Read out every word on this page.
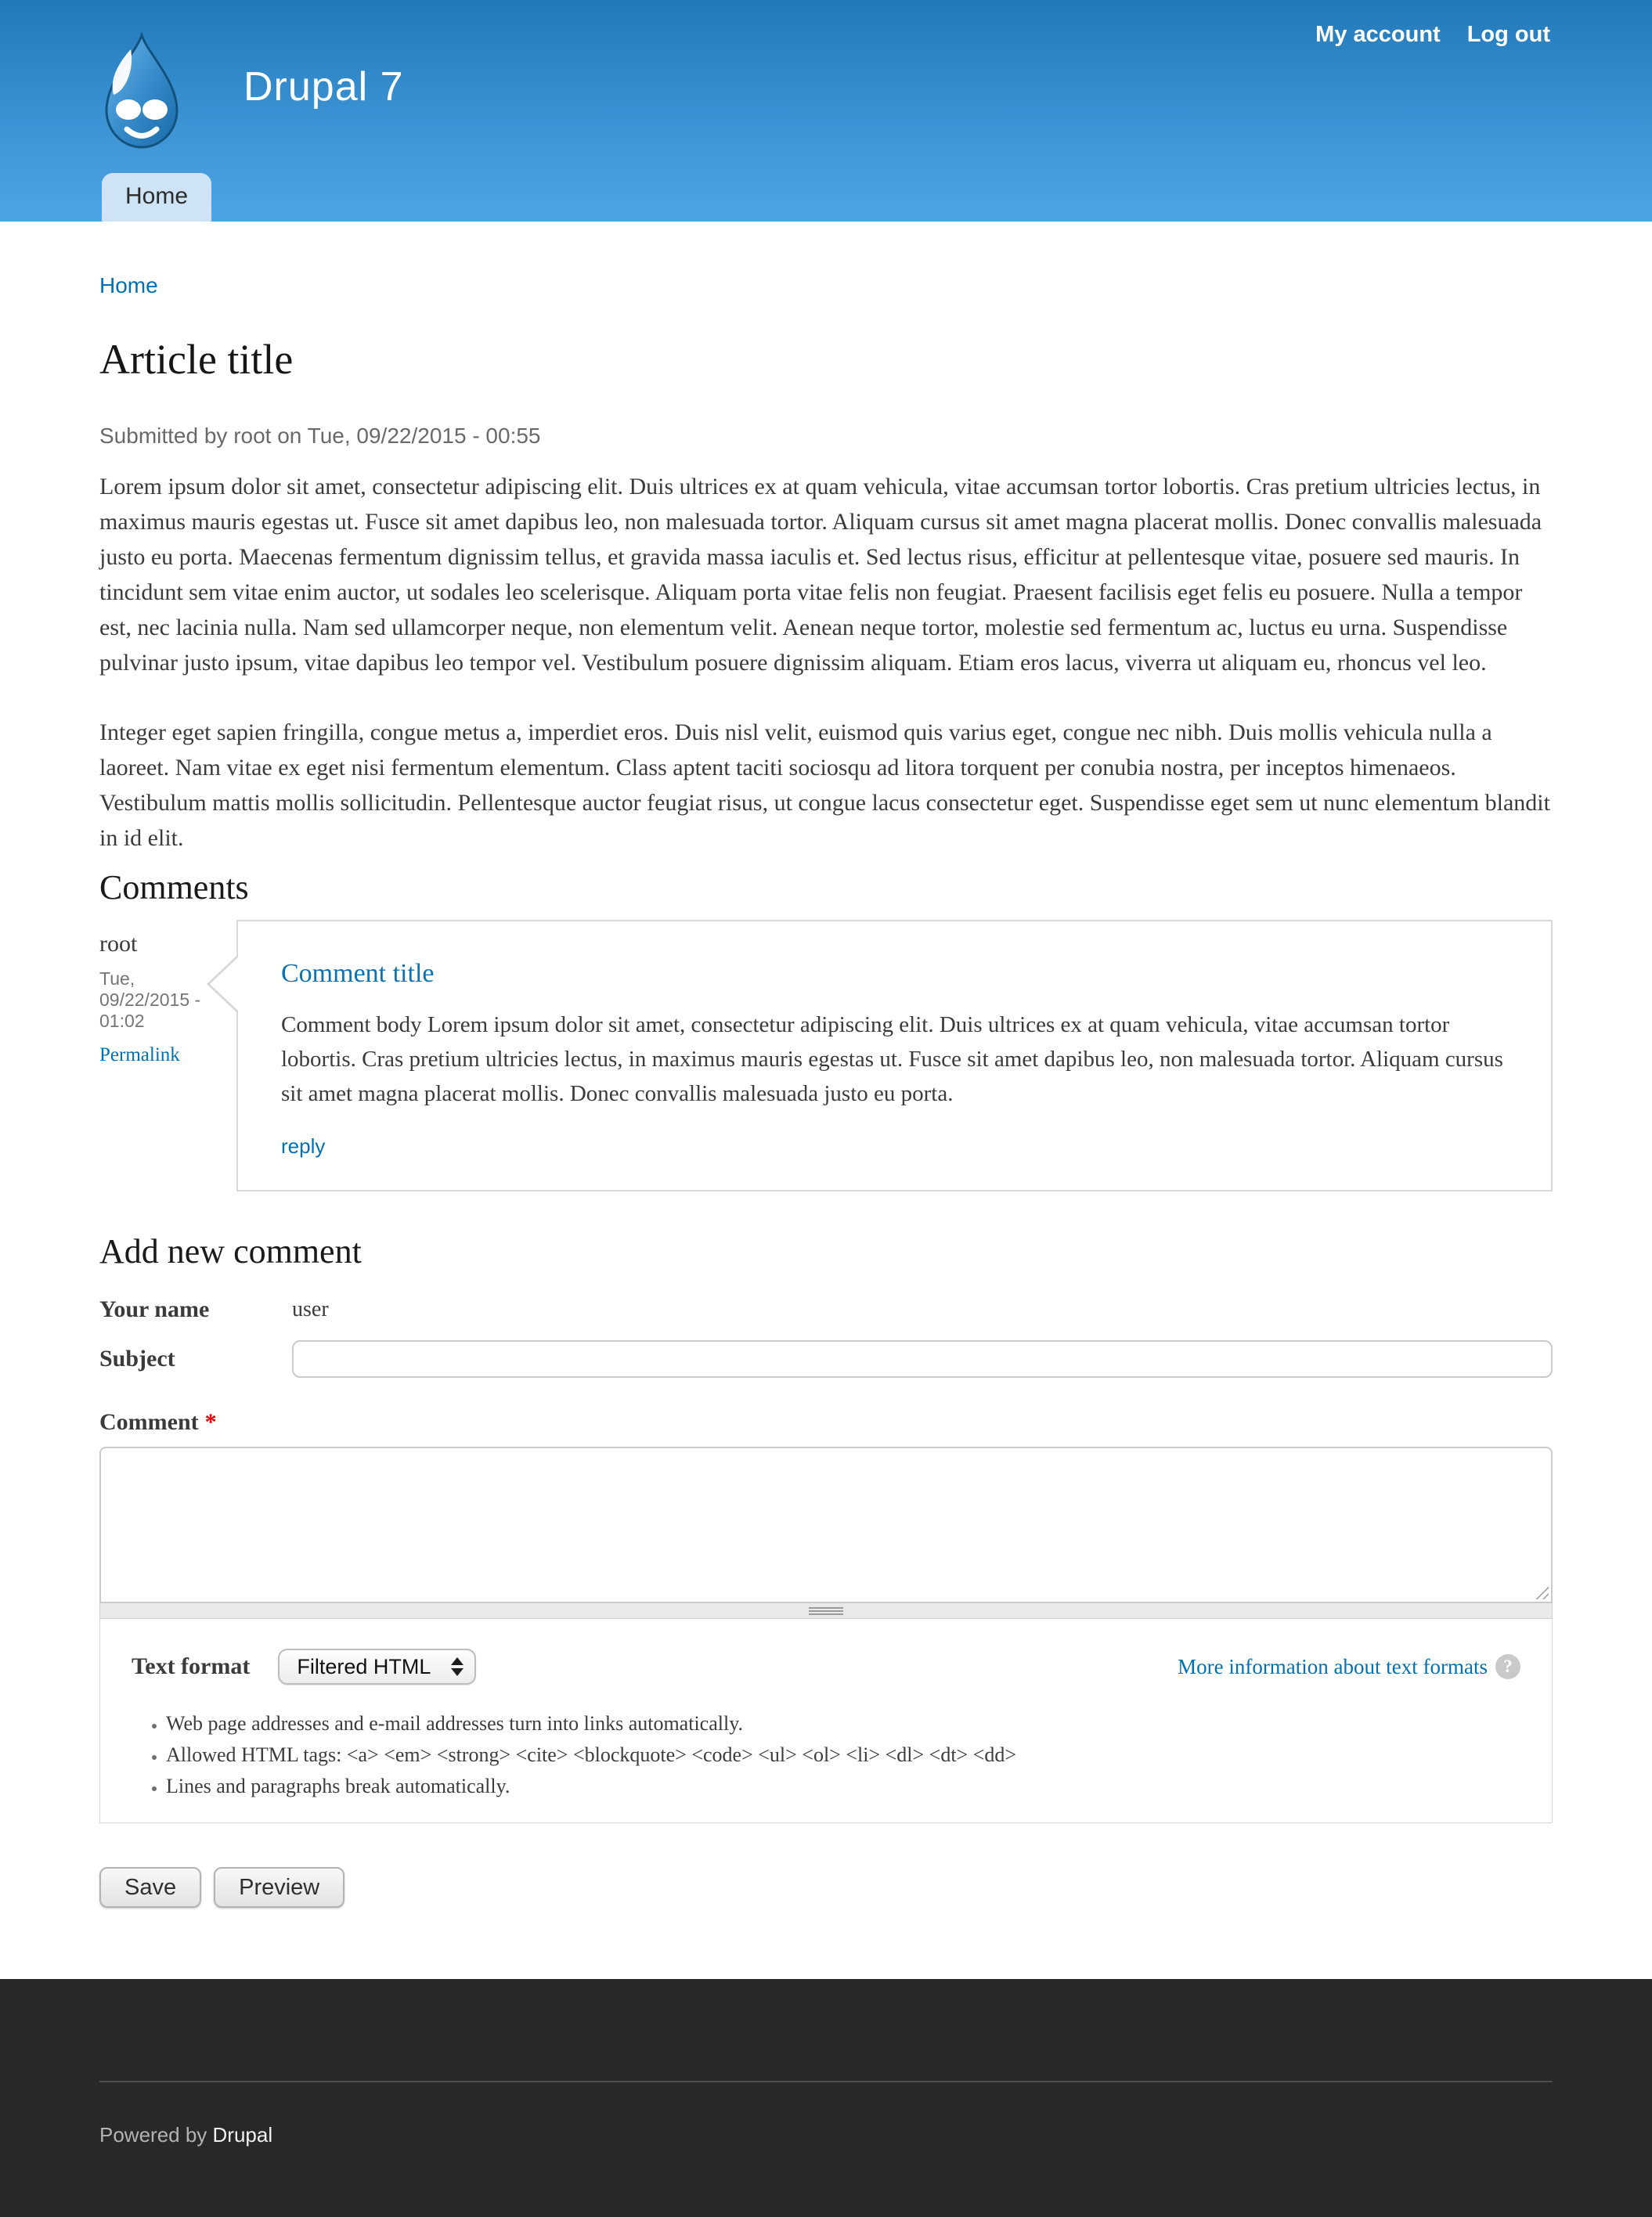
My account Log out
Drupal 7
Home
Home
Article title
Submitted by root on Tue, 09/22/2015 - 00:55

Lorem ipsum dolor sit amet, consectetur adipiscing elit. Duis ultrices ex at quam vehicula, vitae accumsan tortor lobortis. Cras pretium ultricies lectus, in maximus mauris egestas ut. Fusce sit amet dapibus leo, non malesuada tortor. Aliquam cursus sit amet magna placerat mollis. Donec convallis malesuada justo eu porta. Maecenas fermentum dignissim tellus, et gravida massa iaculis et. Sed lectus risus, efficitur at pellentesque vitae, posuere sed mauris. In tincidunt sem vitae enim auctor, ut sodales leo scelerisque. Aliquam porta vitae felis non feugiat. Praesent facilisis eget felis eu posuere. Nulla a tempor est, nec lacinia nulla. Nam sed ullamcorper neque, non elementum velit. Aenean neque tortor, molestie sed fermentum ac, luctus eu urna. Suspendisse pulvinar justo ipsum, vitae dapibus leo tempor vel. Vestibulum posuere dignissim aliquam. Etiam eros lacus, viverra ut aliquam eu, rhoncus vel leo.

Integer eget sapien fringilla, congue metus a, imperdiet eros. Duis nisl velit, euismod quis varius eget, congue nec nibh. Duis mollis vehicula nulla a laoreet. Nam vitae ex eget nisi fermentum elementum. Class aptent taciti sociosqu ad litora torquent per conubia nostra, per inceptos himenaeos. Vestibulum mattis mollis sollicitudin. Pellentesque auctor feugiat risus, ut congue lacus consectetur eget. Suspendisse eget sem ut nunc elementum blandit in id elit.

Comments
root
Tue, 09/22/2015 - 01:02
Permalink
Comment title
Comment body Lorem ipsum dolor sit amet, consectetur adipiscing elit. Duis ultrices ex at quam vehicula, vitae accumsan tortor lobortis. Cras pretium ultricies lectus, in maximus mauris egestas ut. Fusce sit amet dapibus leo, non malesuada tortor. Aliquam cursus sit amet magna placerat mollis. Donec convallis malesuada justo eu porta.
reply
Add new comment
Your name	user
Subject
Comment *
Text format Filtered HTML	More information about text formats ?
• Web page addresses and e-mail addresses turn into links automatically.
• Allowed HTML tags: <a> <em> <strong> <cite> <blockquote> <code> <ul> <ol> <li> <dl> <dt> <dd>
• Lines and paragraphs break automatically.
Save	Preview

Powered by Drupal
